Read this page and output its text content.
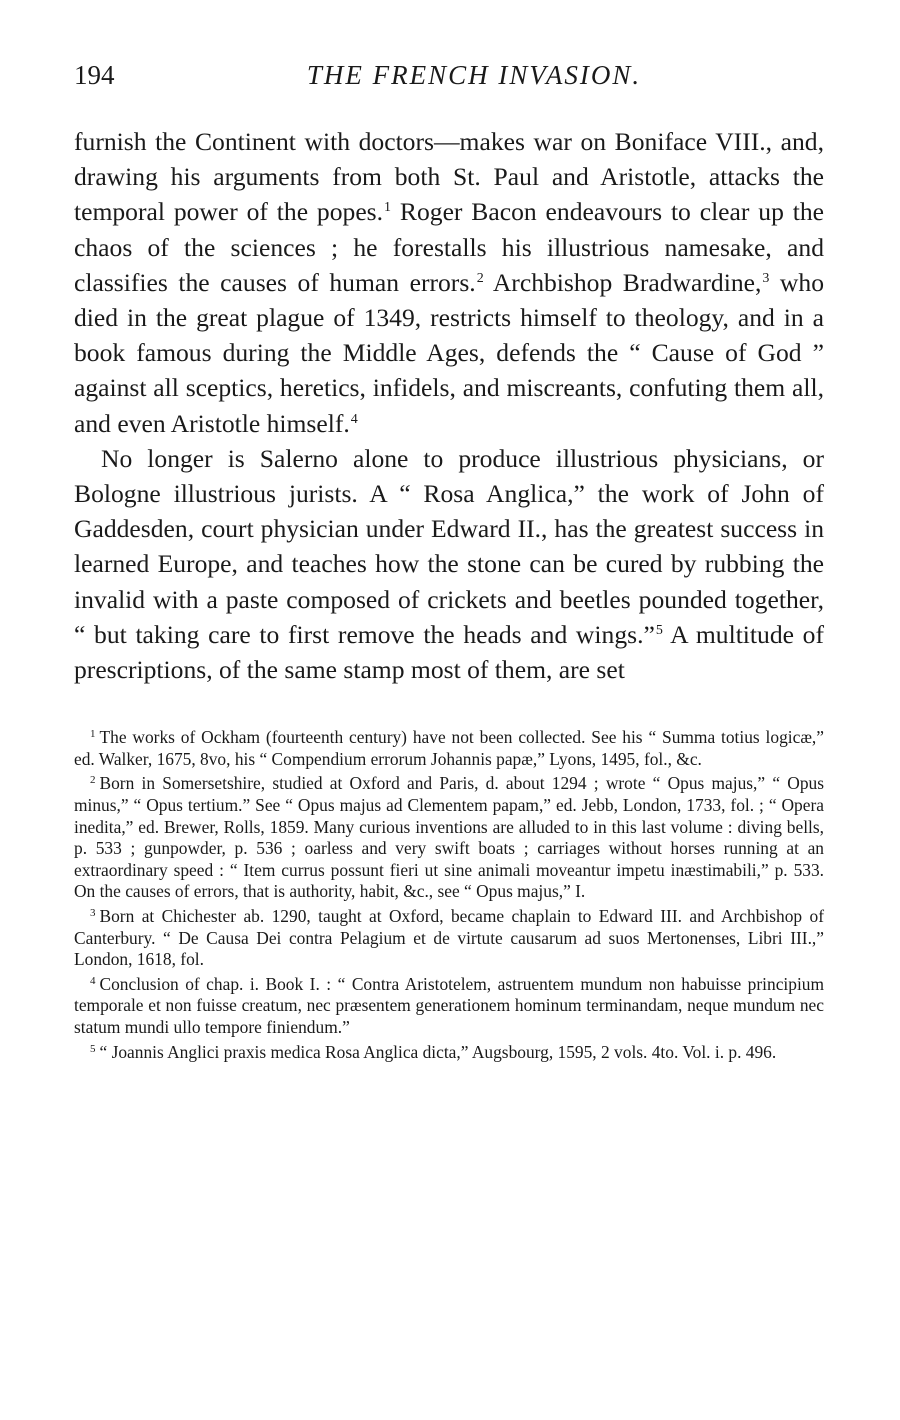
194	THE FRENCH INVASION.

furnish the Continent with doctors—makes war on Boniface VIII., and, drawing his arguments from both St. Paul and Aristotle, attacks the temporal power of the popes.$^1$ Roger Bacon endeavours to clear up the chaos of the sciences ; he forestalls his illustrious namesake, and classifies the causes of human errors.$^2$ Archbishop Bradwardine,$^3$ who died in the great plague of 1349, restricts himself to theology, and in a book famous during the Middle Ages, defends the “ Cause of God ” against all sceptics, heretics, infidels, and miscreants, confuting them all, and even Aristotle himself.$^4$

No longer is Salerno alone to produce illustrious physicians, or Bologne illustrious jurists. A “ Rosa Anglica,” the work of John of Gaddesden, court physician under Edward II., has the greatest success in learned Europe, and teaches how the stone can be cured by rubbing the invalid with a paste composed of crickets and beetles pounded together, “ but taking care to first remove the heads and wings.”$^5$ A multitude of prescriptions, of the same stamp most of them, are set

$^1$ The works of Ockham (fourteenth century) have not been collected. See his “ Summa totius logicæ,” ed. Walker, 1675, 8vo, his “ Compendium errorum Johannis papæ,” Lyons, 1495, fol., &c.

$^2$ Born in Somersetshire, studied at Oxford and Paris, d. about 1294 ; wrote “ Opus majus,” “ Opus minus,” “ Opus tertium.” See “ Opus majus ad Clementem papam,” ed. Jebb, London, 1733, fol. ; “ Opera inedita,” ed. Brewer, Rolls, 1859. Many curious inventions are alluded to in this last volume : diving bells, p. 533 ; gunpowder, p. 536 ; oarless and very swift boats ; carriages without horses running at an extraordinary speed : “ Item currus possunt fieri ut sine animali moveantur impetu inæstimabili,” p. 533. On the causes of errors, that is authority, habit, &c., see “ Opus majus,” I.

$^3$ Born at Chichester ab. 1290, taught at Oxford, became chaplain to Edward III. and Archbishop of Canterbury. “ De Causa Dei contra Pelagium et de virtute causarum ad suos Mertonenses, Libri III.,” London, 1618, fol.

$^4$ Conclusion of chap. i. Book I. : “ Contra Aristotelem, astruentem mundum non habuisse principium temporale et non fuisse creatum, nec præsentem generationem hominum terminandam, neque mundum nec statum mundi ullo tempore finiendum.”

$^5$ “ Joannis Anglici praxis medica Rosa Anglica dicta,” Augsbourg, 1595, 2 vols. 4to. Vol. i. p. 496.
